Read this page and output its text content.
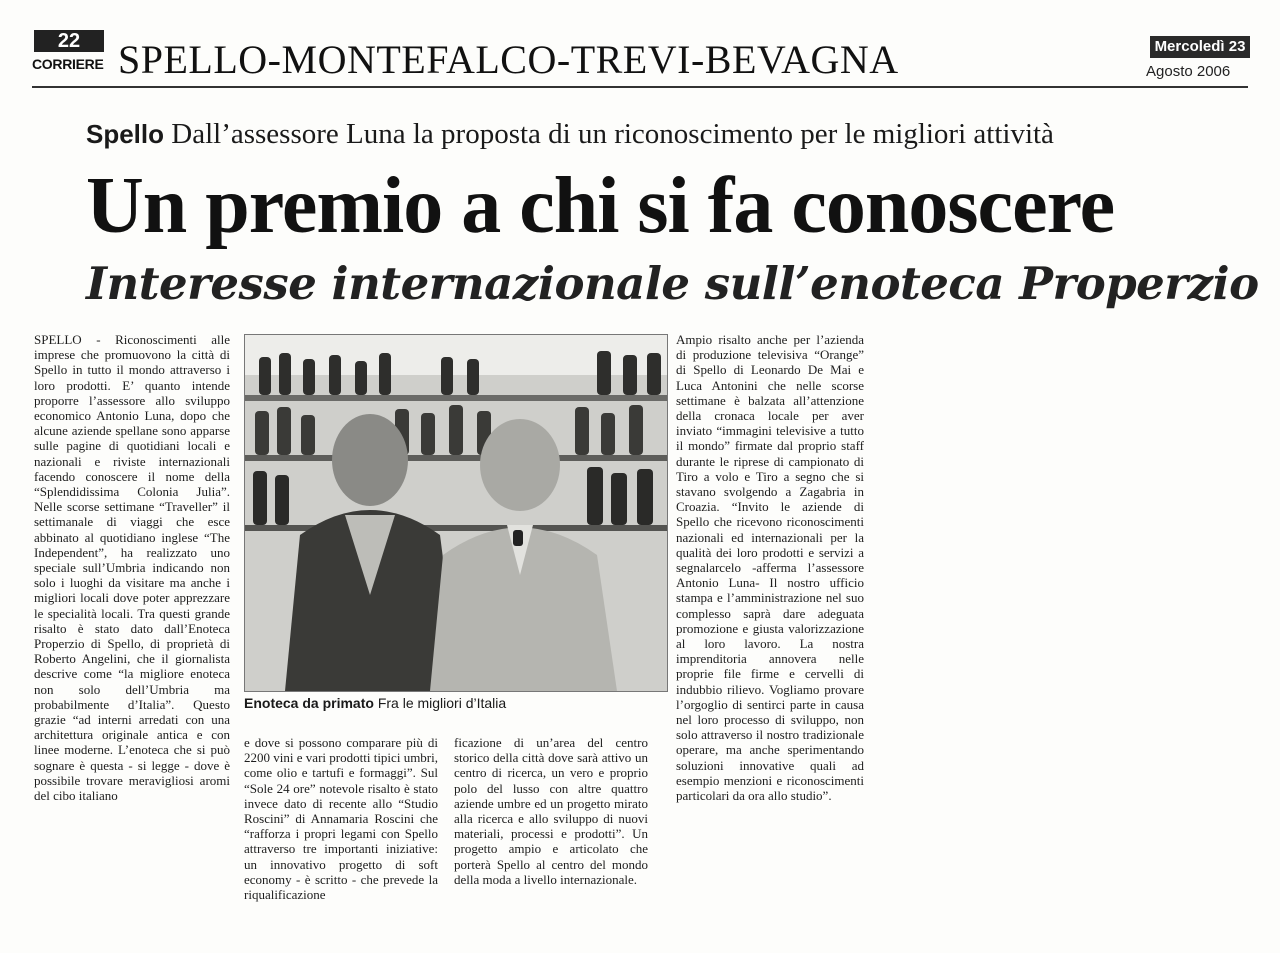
22
CORRIERE SPELLO-MONTEFALCO-TREVI-BEVAGNA	Mercoledì 23
Agosto 2006
Spello Dall’assessore Luna la proposta di un riconoscimento per le migliori attività
Un premio a chi si fa conoscere
Interesse internazionale sull’enoteca Properzio

SPELLO - Riconoscimenti alle imprese che promuovono la città di Spello in tutto il mondo attraverso i loro prodotti. E’ quanto intende proporre l’assessore allo sviluppo economico Antonio Luna, dopo che alcune aziende spellane sono apparse sulle pagine di quotidiani locali e nazionali e riviste internazionali facendo conoscere il nome della “Splendidissima Colonia Julia”. Nelle scorse settimane “Traveller” il settimanale di viaggi che esce abbinato al quotidiano inglese “The Independent”, ha realizzato uno speciale sull’Umbria indicando non solo i luoghi da visitare ma anche i migliori locali dove poter apprezzare le specialità locali. Tra questi grande risalto è stato dato dall’Enoteca Properzio di Spello, di proprietà di Roberto Angelini, che il giornalista descrive come “la migliore enoteca non solo dell’Umbria ma probabilmente d’Italia”. Questo grazie “ad interni arredati con una architettura originale antica e con linee moderne. L’enoteca che si può sognare è questa - si legge - dove è possibile trovare meravigliosi aromi del cibo italiano

Enoteca da primato Fra le migliori d’Italia

e dove si possono comparare più di 2200 vini e vari prodotti tipici umbri, come olio e tartufi e formaggi”. Sul “Sole 24 ore” notevole risalto è stato invece dato di recente allo “Studio Roscini” di Annamaria Roscini che “rafforza i propri legami con Spello attraverso tre importanti iniziative: un innovativo progetto di soft economy - è scritto - che prevede la riqualificazione

ficazione di un’area del centro storico della città dove sarà attivo un centro di ricerca, un vero e proprio polo del lusso con altre quattro aziende umbre ed un progetto mirato alla ricerca e allo sviluppo di nuovi materiali, processi e prodotti”. Un progetto ampio e articolato che porterà Spello al centro del mondo della moda a livello internazionale.

Ampio risalto anche per l’azienda di produzione televisiva “Orange” di Spello di Leonardo De Mai e Luca Antonini che nelle scorse settimane è balzata all’attenzione della cronaca locale per aver inviato “immagini televisive a tutto il mondo” firmate dal proprio staff durante le riprese di campionato di Tiro a volo e Tiro a segno che si stavano svolgendo a Zagabria in Croazia. “Invito le aziende di Spello che ricevono riconoscimenti nazionali ed internazionali per la qualità dei loro prodotti e servizi a segnalarcelo -afferma l’assessore Antonio Luna- Il nostro ufficio stampa e l’amministrazione nel suo complesso saprà dare adeguata promozione e giusta valorizzazione al loro lavoro. La nostra imprenditoria annovera nelle proprie file firme e cervelli di indubbio rilievo. Vogliamo provare l’orgoglio di sentirci parte in causa nel loro processo di sviluppo, non solo attraverso il nostro tradizionale operare, ma anche sperimentando soluzioni innovative quali ad esempio menzioni e riconoscimenti particolari da ora allo studio”.
